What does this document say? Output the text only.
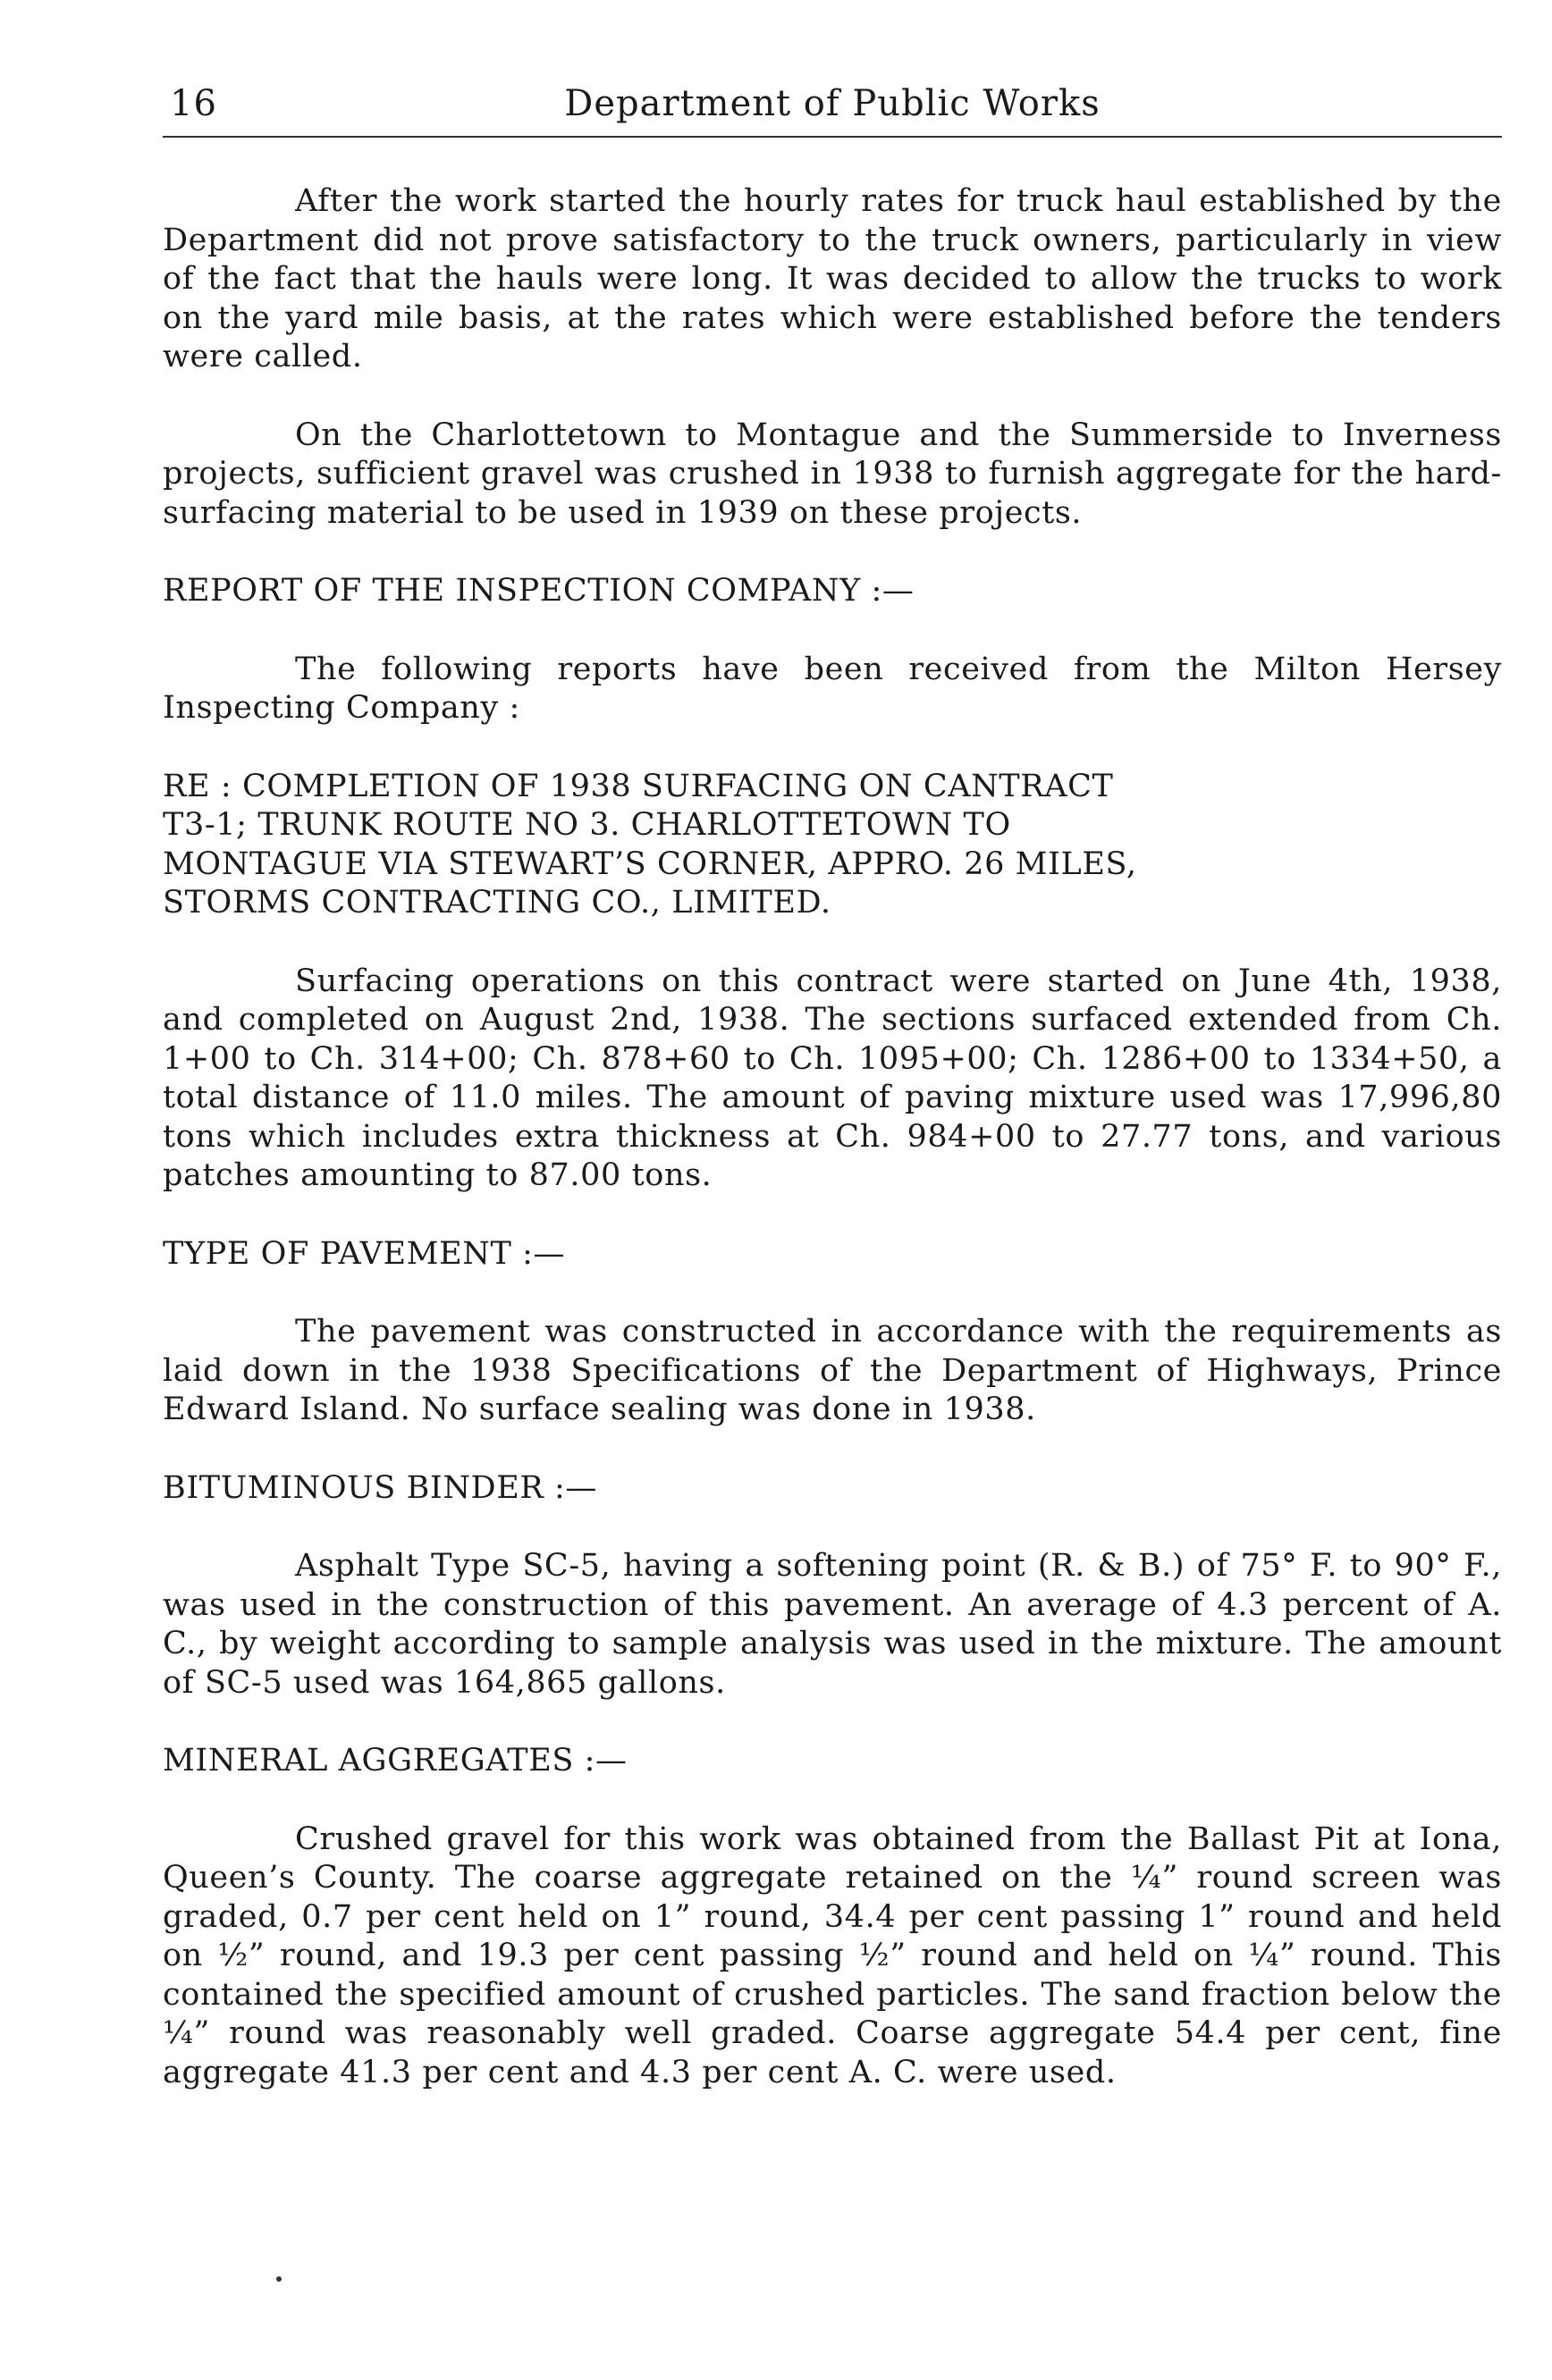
16	Department of Public Works

After the work started the hourly rates for truck haul established by the Department did not prove satisfactory to the truck owners, particularly in view of the fact that the hauls were long. It was decided to allow the trucks to work on the yard mile basis, at the rates which were established before the tenders were called.

On the Charlottetown to Montague and the Summerside to Inverness projects, sufficient gravel was crushed in 1938 to furnish aggregate for the hard-surfacing material to be used in 1939 on these projects.

REPORT OF THE INSPECTION COMPANY :—

The following reports have been received from the Milton Hersey Inspecting Company :

RE : COMPLETION OF 1938 SURFACING ON CANTRACT
T3-1; TRUNK ROUTE NO 3. CHARLOTTETOWN TO
MONTAGUE VIA STEWART’S CORNER, APPRO. 26 MILES,
STORMS CONTRACTING CO., LIMITED.

Surfacing operations on this contract were started on June 4th, 1938, and completed on August 2nd, 1938. The sections surfaced extended from Ch. 1+00 to Ch. 314+00; Ch. 878+60 to Ch. 1095+00; Ch. 1286+00 to 1334+50, a total distance of 11.0 miles. The amount of paving mixture used was 17,996,80 tons which includes extra thickness at Ch. 984+00 to 27.77 tons, and various patches amounting to 87.00 tons.

TYPE OF PAVEMENT :—

The pavement was constructed in accordance with the requirements as laid down in the 1938 Specifications of the Department of Highways, Prince Edward Island. No surface sealing was done in 1938.

BITUMINOUS BINDER :—

Asphalt Type SC-5, having a softening point (R. & B.) of 75° F. to 90° F., was used in the construction of this pavement. An average of 4.3 percent of A. C., by weight according to sample analysis was used in the mixture. The amount of SC-5 used was 164,865 gallons.

MINERAL AGGREGATES :—

Crushed gravel for this work was obtained from the Ballast Pit at Iona, Queen’s County. The coarse aggregate retained on the ¼” round screen was graded, 0.7 per cent held on 1” round, 34.4 per cent passing 1” round and held on ½” round, and 19.3 per cent passing ½” round and held on ¼” round. This contained the specified amount of crushed particles. The sand fraction below the ¼” round was reasonably well graded. Coarse aggregate 54.4 per cent, fine aggregate 41.3 per cent and 4.3 per cent A. C. were used.
